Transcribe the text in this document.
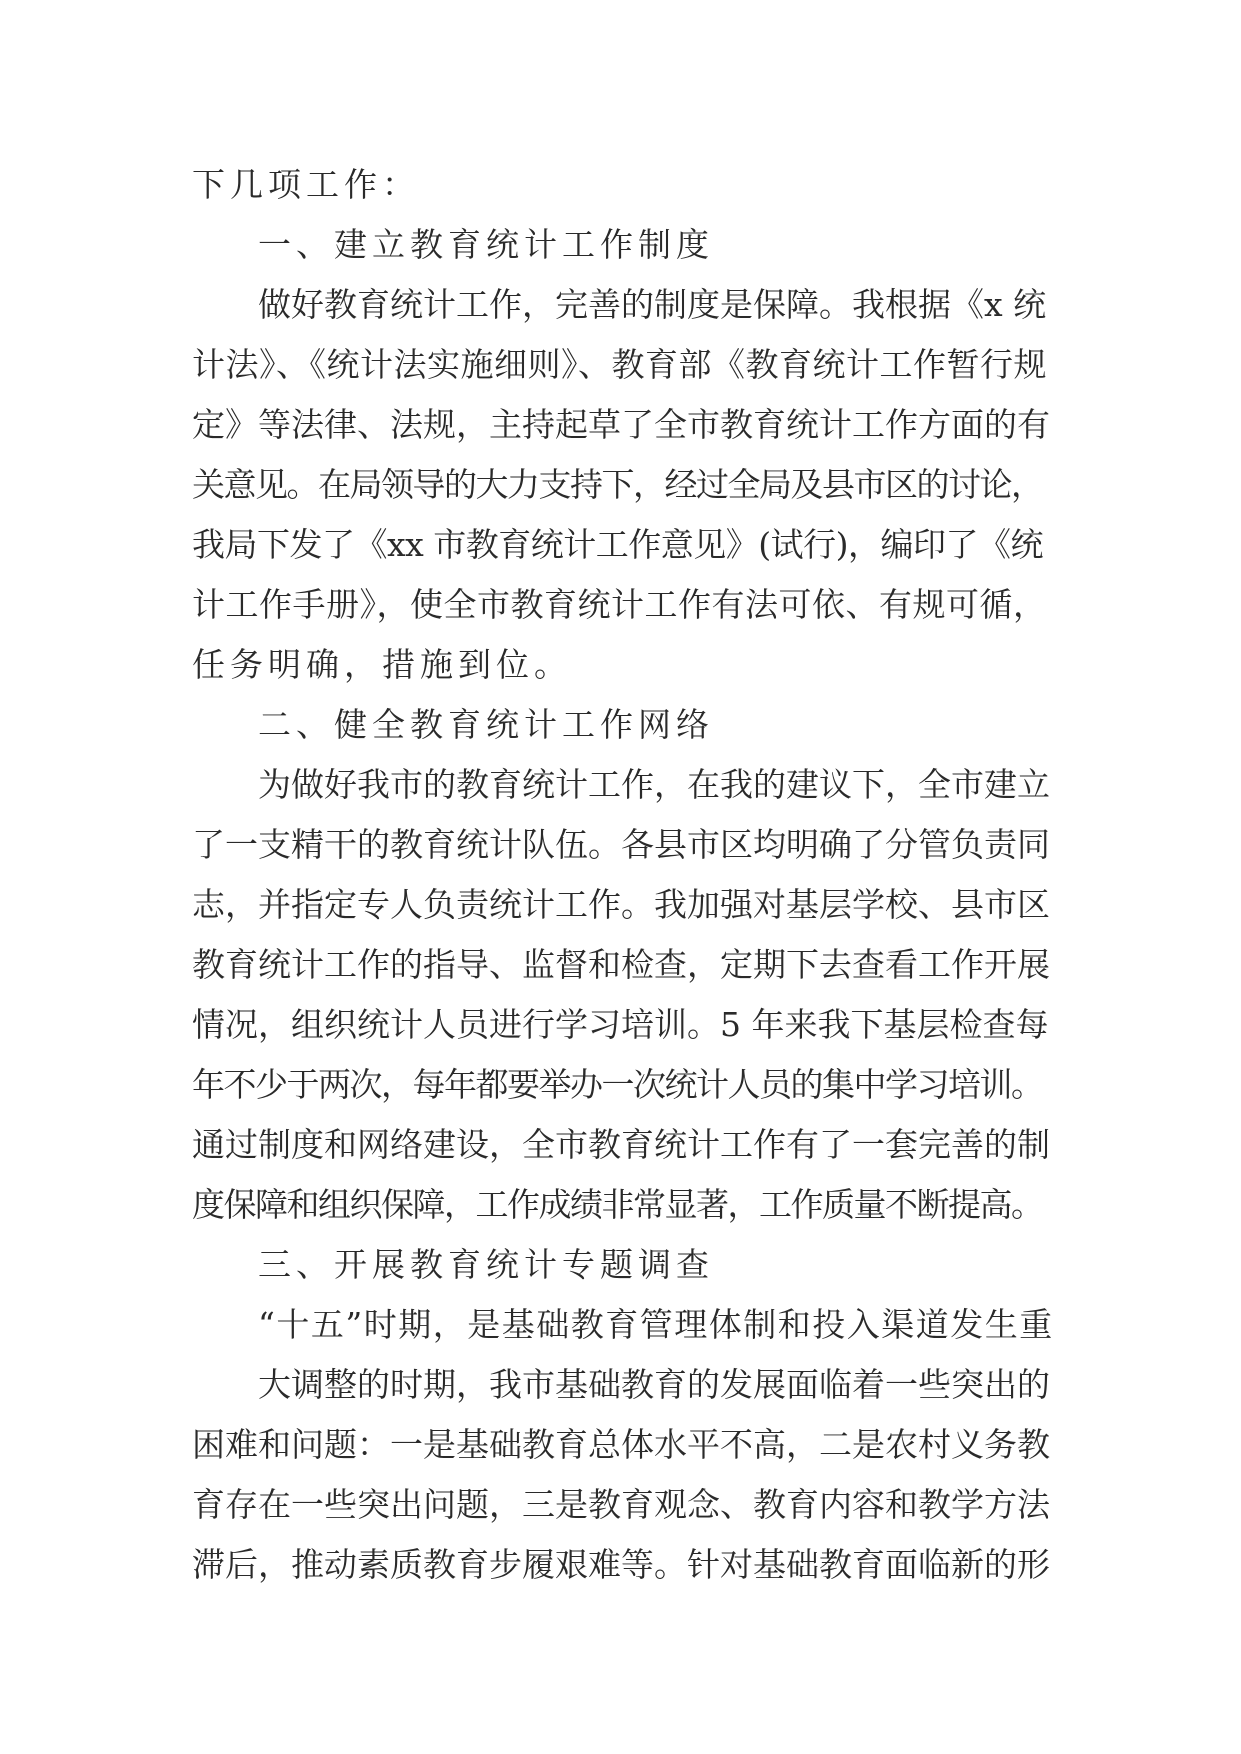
下几项工作：
一、建立教育统计工作制度
做好教育统计工作，完善的制度是保障。我根据《x 统
计法》、《统计法实施细则》、教育部《教育统计工作暂行规
定》等法律、法规，主持起草了全市教育统计工作方面的有
关意见。在局领导的大力支持下，经过全局及县市区的讨论，
我局下发了《xx 市教育统计工作意见》(试行)，编印了《统
计工作手册》，使全市教育统计工作有法可依、有规可循，
任务明确，措施到位。
二、健全教育统计工作网络
为做好我市的教育统计工作，在我的建议下，全市建立
了一支精干的教育统计队伍。各县市区均明确了分管负责同
志，并指定专人负责统计工作。我加强对基层学校、县市区
教育统计工作的指导、监督和检查，定期下去查看工作开展
情况，组织统计人员进行学习培训。5 年来我下基层检查每
年不少于两次，每年都要举办一次统计人员的集中学习培训。
通过制度和网络建设，全市教育统计工作有了一套完善的制
度保障和组织保障，工作成绩非常显著，工作质量不断提高。
三、开展教育统计专题调查
“十五”时期，是基础教育管理体制和投入渠道发生重
大调整的时期，我市基础教育的发展面临着一些突出的
困难和问题：一是基础教育总体水平不高，二是农村义务教
育存在一些突出问题，三是教育观念、教育内容和教学方法
滞后，推动素质教育步履艰难等。针对基础教育面临新的形
